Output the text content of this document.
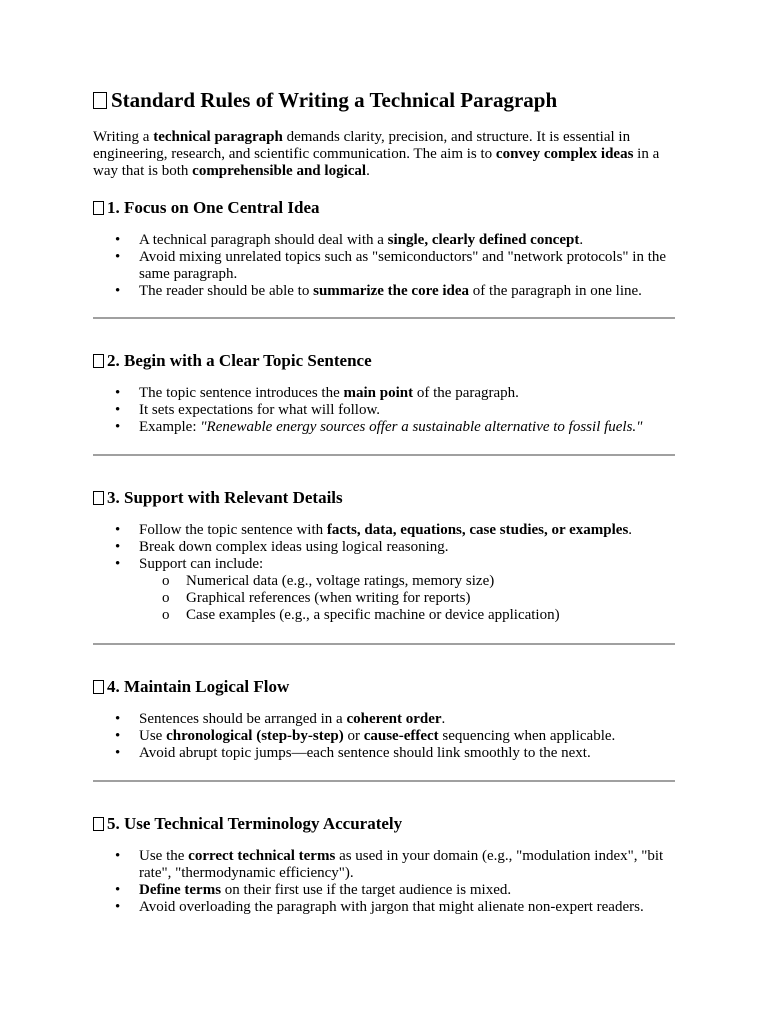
Standard Rules of Writing a Technical Paragraph

Writing a technical paragraph demands clarity, precision, and structure. It is essential in engineering, research, and scientific communication. The aim is to convey complex ideas in a way that is both comprehensible and logical.

1. Focus on One Central Idea
• A technical paragraph should deal with a single, clearly defined concept.
• Avoid mixing unrelated topics such as "semiconductors" and "network protocols" in the same paragraph.
• The reader should be able to summarize the core idea of the paragraph in one line.
2. Begin with a Clear Topic Sentence
• The topic sentence introduces the main point of the paragraph.
• It sets expectations for what will follow.
• Example: "Renewable energy sources offer a sustainable alternative to fossil fuels."
3. Support with Relevant Details
• Follow the topic sentence with facts, data, equations, case studies, or examples.
• Break down complex ideas using logical reasoning.
• Support can include:
o Numerical data (e.g., voltage ratings, memory size)
o Graphical references (when writing for reports)
o Case examples (e.g., a specific machine or device application)
4. Maintain Logical Flow
• Sentences should be arranged in a coherent order.
• Use chronological (step-by-step) or cause-effect sequencing when applicable.
• Avoid abrupt topic jumps—each sentence should link smoothly to the next.
5. Use Technical Terminology Accurately
• Use the correct technical terms as used in your domain (e.g., "modulation index", "bit rate", "thermodynamic efficiency").
• Define terms on their first use if the target audience is mixed.
• Avoid overloading the paragraph with jargon that might alienate non-expert readers.
